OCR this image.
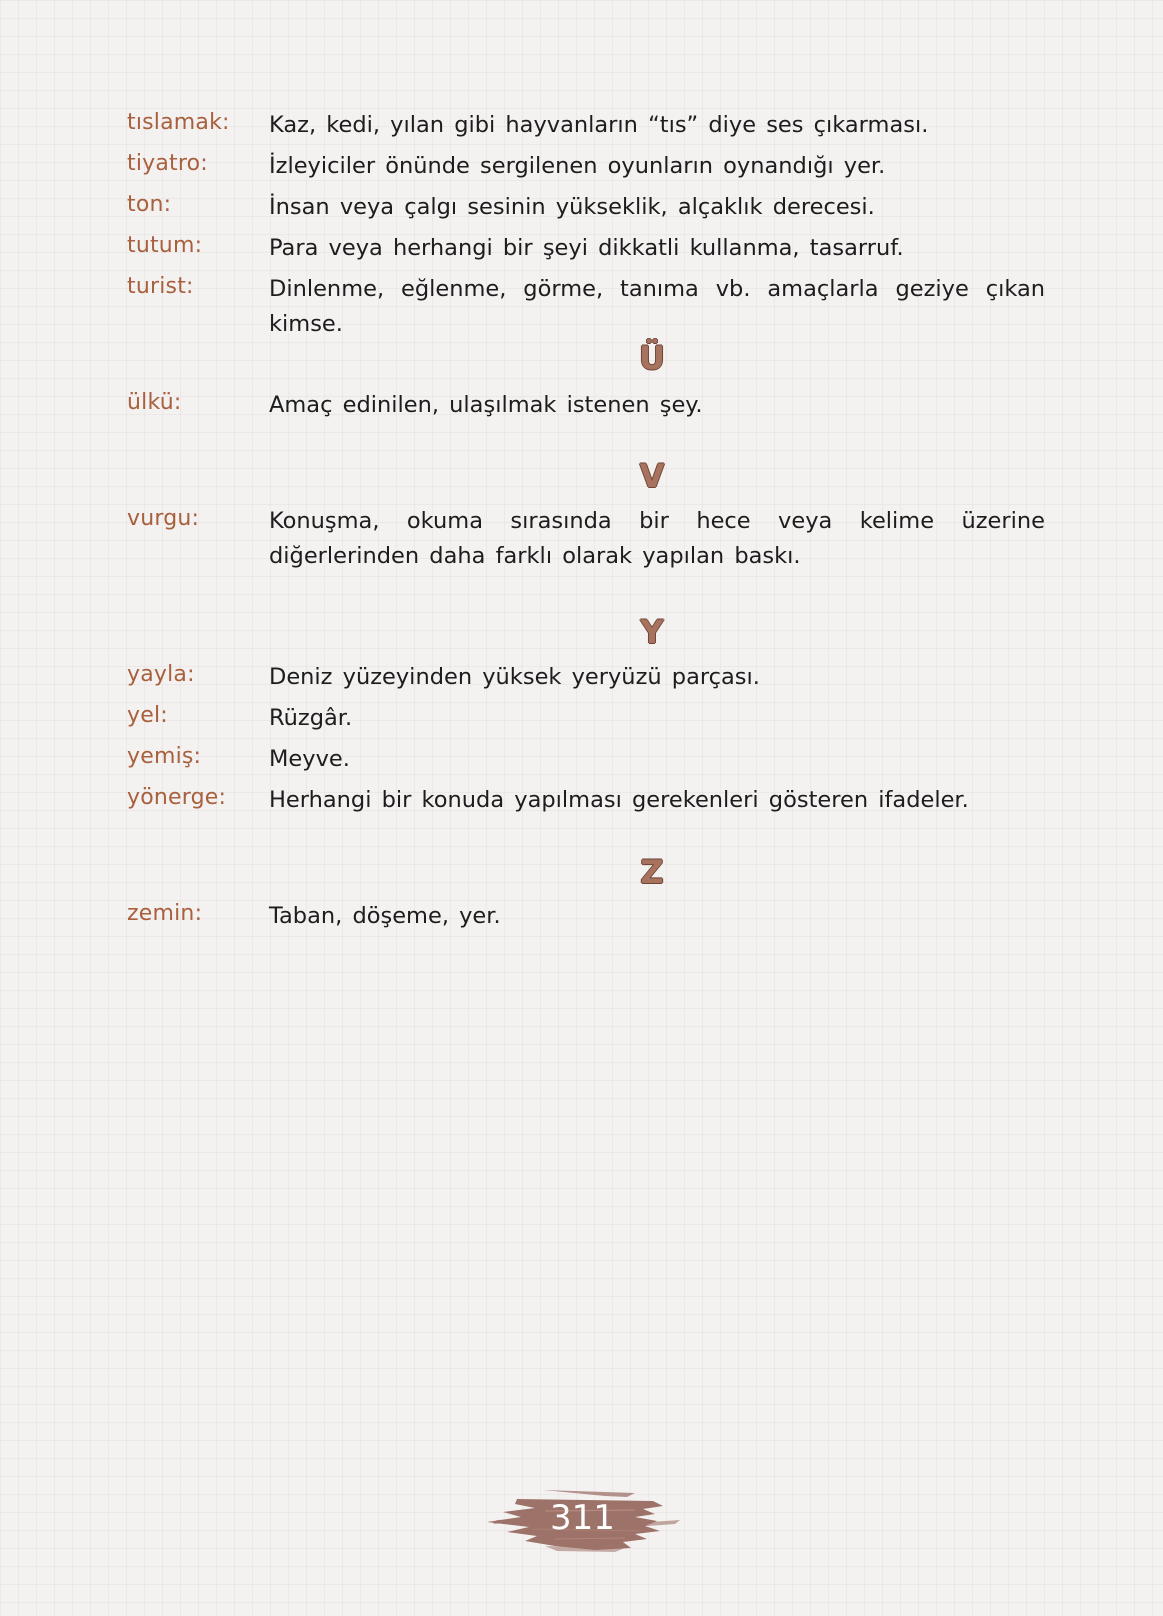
tıslamak: Kaz, kedi, yılan gibi hayvanların “tıs” diye ses çıkarması.
tiyatro:	İzleyiciler önünde sergilenen oyunların oynandığı yer.
ton:	İnsan veya çalgı sesinin yükseklik, alçaklık derecesi.
tutum:	Para veya herhangi bir şeyi dikkatli kullanma, tasarruf.
turist:	Dinlenme, eğlenme, görme, tanıma vb. amaçlarla geziye çıkan kimse.
Ü
ülkü:	Amaç edinilen, ulaşılmak istenen şey.
V
vurgu:	Konuşma, okuma sırasında bir hece veya kelime üzerine diğerlerinden daha farklı olarak yapılan baskı.
Y
yayla:	Deniz yüzeyinden yüksek yeryüzü parçası.
yel:	Rüzgâr.
yemiş:	Meyve.
yönerge: Herhangi bir konuda yapılması gerekenleri gösteren ifadeler.
Z
zemin:	Taban, döşeme, yer.
311
